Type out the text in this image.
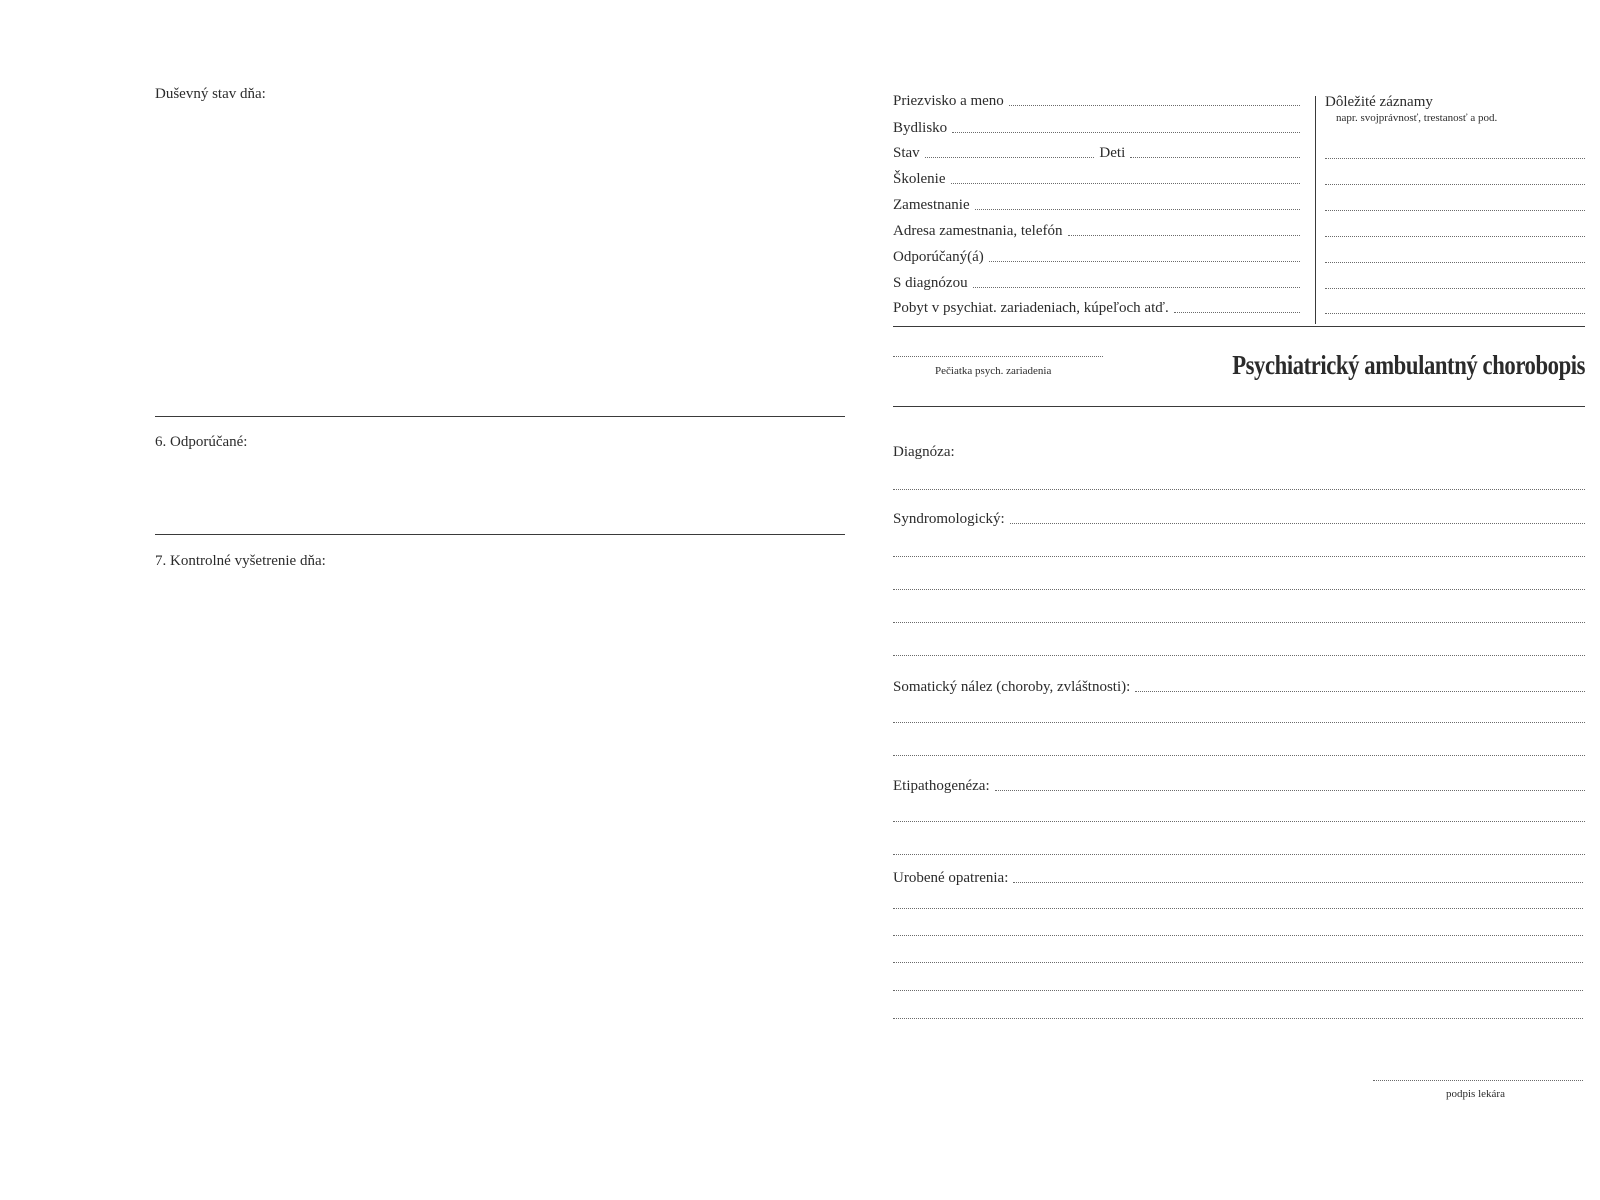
Duševný stav dňa:
6. Odporúčané:
7. Kontrolné vyšetrenie dňa:
Priezvisko a meno
Bydlisko
Stav	Deti
Školenie
Zamestnanie
Adresa zamestnania, telefón
Odporúčaný(á)
S diagnózou
Pobyt v psychiat. zariadeniach, kúpeľoch atď.
Dôležité záznamy
napr. svojprávnosť, trestanosť a pod.
Pečiatka psych. zariadenia	Psychiatrický ambulantný chorobopis
Diagnóza:
Syndromologický:
Somatický nález (choroby, zvláštnosti):
Etipathogenéza:
Urobené opatrenia:
podpis lekára
